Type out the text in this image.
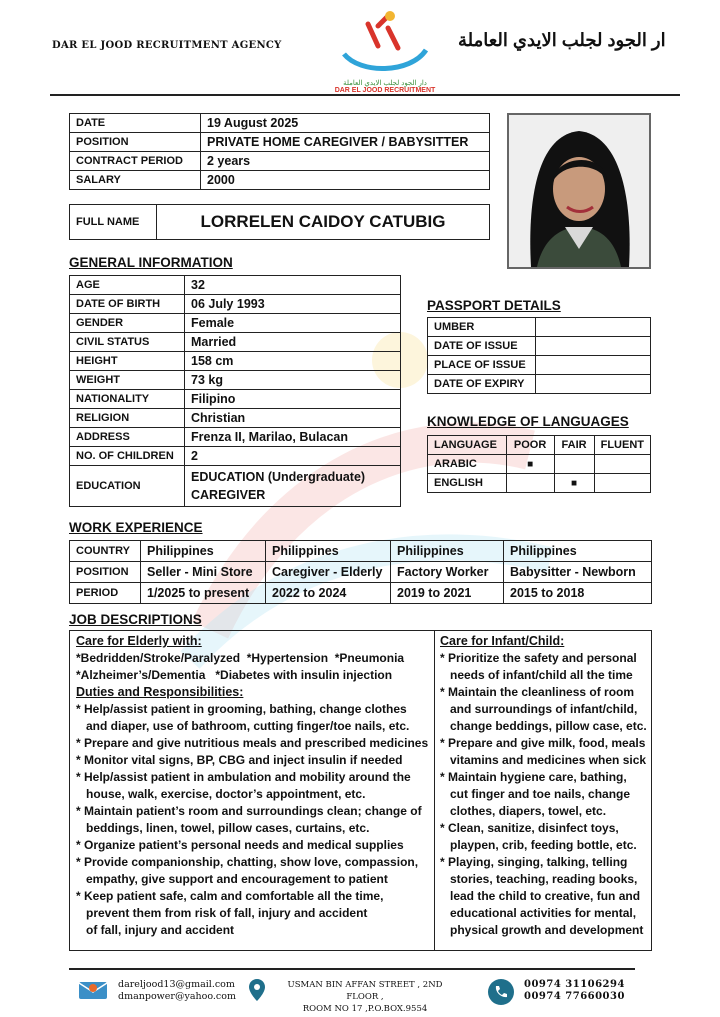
DAR EL JOOD RECRUITMENT AGENCY	ار الجود لجلب الايدي العاملة
دار الجود لجلب الايدي العاملة
DAR EL JOOD RECRUITMENT
DATE	19 August 2025
POSITION	PRIVATE HOME CAREGIVER / BABYSITTER
CONTRACT PERIOD	2 years
SALARY	2000
FULL NAME	LORRELEN CAIDOY CATUBIG
GENERAL INFORMATION
AGE	32
DATE OF BIRTH	06 July 1993
GENDER	Female
CIVIL STATUS	Married
HEIGHT	158 cm
WEIGHT	73 kg
NATIONALITY	Filipino
RELIGION	Christian
ADDRESS	Frenza II, Marilao, Bulacan
NO. OF CHILDREN	2
EDUCATION	EDUCATION (Undergraduate)
CAREGIVER
PASSPORT DETAILS
UMBER	
DATE OF ISSUE	
PLACE OF ISSUE	
DATE OF EXPIRY	
KNOWLEDGE OF LANGUAGES
LANGUAGE	POOR	FAIR	FLUENT
ARABIC	■		
ENGLISH		■	
WORK EXPERIENCE
COUNTRY	Philippines	Philippines	Philippines	Philippines
POSITION	Seller - Mini Store	Caregiver - Elderly	Factory Worker	Babysitter - Newborn
PERIOD	1/2025 to present	2022 to 2024	2019 to 2021	2015 to 2018
JOB DESCRIPTIONS

Care for Elderly with:

*Bedridden/Stroke/Paralyzed  *Hypertension  *Pneumonia

*Alzheimer’s/Dementia   *Diabetes with insulin injection

Duties and Responsibilities:

* Help/assist patient in grooming, bathing, change clothes

and diaper, use of bathroom, cutting finger/toe nails, etc.

* Prepare and give nutritious meals and prescribed medicines

* Monitor vital signs, BP, CBG and inject insulin if needed

* Help/assist patient in ambulation and mobility around the

house, walk, exercise, doctor’s appointment, etc.

* Maintain patient’s room and surroundings clean; change of

beddings, linen, towel, pillow cases, curtains, etc.

* Organize patient’s personal needs and medical supplies

* Provide companionship, chatting, show love, compassion,

empathy, give support and encouragement to patient

* Keep patient safe, calm and comfortable all the time,

prevent them from risk of fall, injury and accident

of fall, injury and accident

Care for Infant/Child:

* Prioritize the safety and personal

needs of infant/child all the time

* Maintain the cleanliness of room

and surroundings of infant/child,

change beddings, pillow case, etc.

* Prepare and give milk, food, meals

vitamins and medicines when sick

* Maintain hygiene care, bathing,

cut finger and toe nails, change

clothes, diapers, towel, etc.

* Clean, sanitize, disinfect toys,

playpen, crib, feeding bottle, etc.

* Playing, singing, talking, telling

stories, teaching, reading books,

lead the child to creative, fun and

educational activities for mental,

physical growth and development

dareljood13@gmail.com
dmanpower@yahoo.com
USMAN BIN AFFAN STREET , 2ND FLOOR ,
ROOM NO 17 ,P.O.BOX.9554
00974 31106294
00974 77660030
